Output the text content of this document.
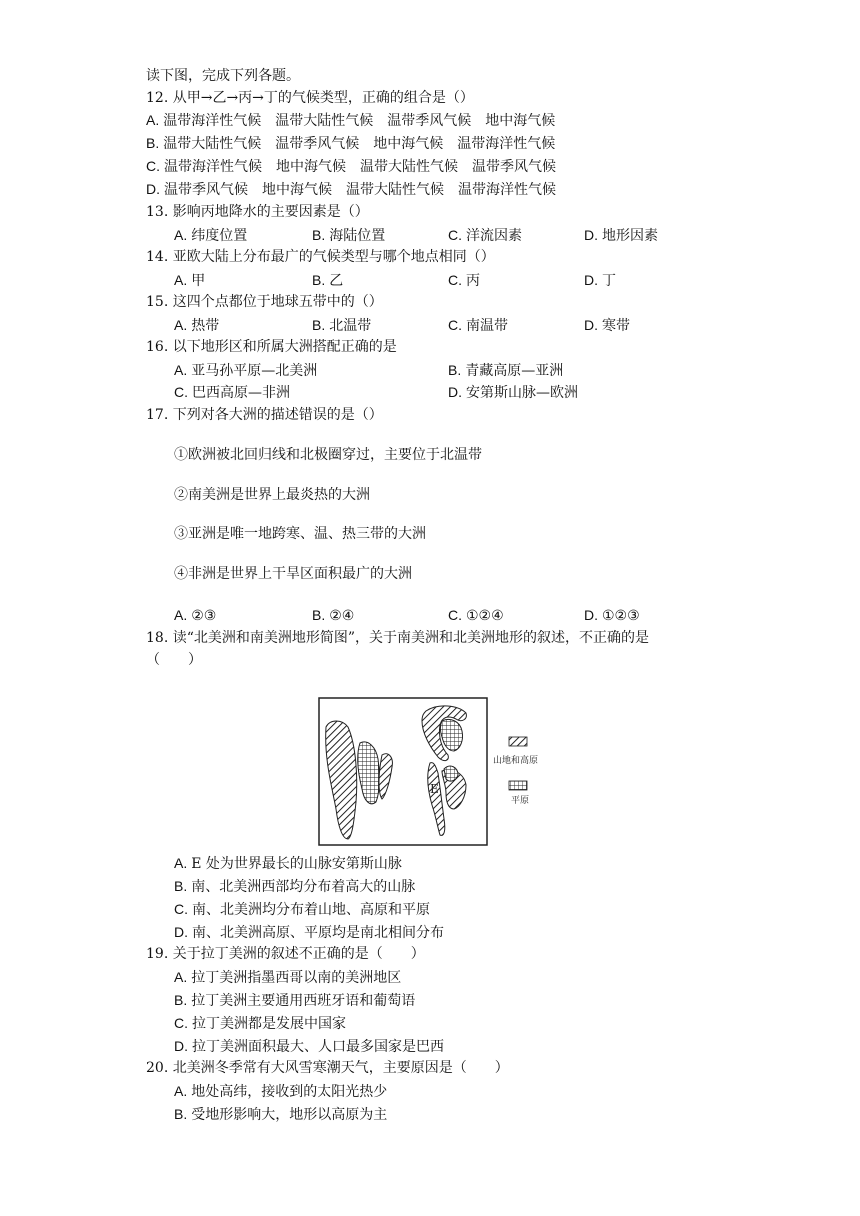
读下图，完成下列各题。
12. 从甲→乙→丙→丁的气候类型，正确的组合是（）
A. 温带海洋性气候 温带大陆性气候 温带季风气候 地中海气候
B. 温带大陆性气候 温带季风气候 地中海气候 温带海洋性气候
C. 温带海洋性气候 地中海气候 温带大陆性气候 温带季风气候
D. 温带季风气候 地中海气候 温带大陆性气候 温带海洋性气候
13. 影响丙地降水的主要因素是（）
A. 纬度位置	B. 海陆位置	C. 洋流因素	D. 地形因素
14. 亚欧大陆上分布最广的气候类型与哪个地点相同（）
A. 甲	B. 乙	C. 丙	D. 丁
15. 这四个点都位于地球五带中的（）
A. 热带	B. 北温带	C. 南温带	D. 寒带
16. 以下地形区和所属大洲搭配正确的是
A. 亚马孙平原—北美洲	B. 青藏高原—亚洲
C. 巴西高原—非洲	D. 安第斯山脉—欧洲
17. 下列对各大洲的描述错误的是（）
①欧洲被北回归线和北极圈穿过，主要位于北温带
②南美洲是世界上最炎热的大洲
③亚洲是唯一地跨寒、温、热三带的大洲
④非洲是世界上干旱区面积最广的大洲
A. ②③	B. ②④	C. ①②④	D. ①②③
18. 读“北美洲和南美洲地形简图”，关于南美洲和北美洲地形的叙述，不正确的是
（　　）
E
山地和高原
平原
A. E 处为世界最长的山脉安第斯山脉
B. 南、北美洲西部均分布着高大的山脉
C. 南、北美洲均分布着山地、高原和平原
D. 南、北美洲高原、平原均是南北相间分布
19. 关于拉丁美洲的叙述不正确的是（　　）
A. 拉丁美洲指墨西哥以南的美洲地区
B. 拉丁美洲主要通用西班牙语和葡萄语
C. 拉丁美洲都是发展中国家
D. 拉丁美洲面积最大、人口最多国家是巴西
20. 北美洲冬季常有大风雪寒潮天气，主要原因是（　　）
A. 地处高纬，接收到的太阳光热少
B. 受地形影响大，地形以高原为主
